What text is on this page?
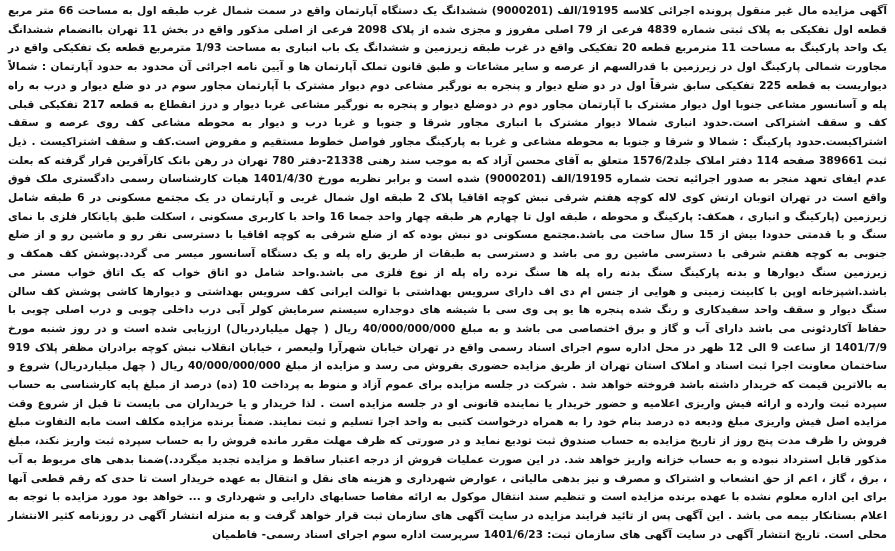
آگهی مزایده مال غیر منقول پرونده اجرائی کلاسه 19195/الف (9000201) ششدانگ یک دستگاه آپارتمان واقع در سمت شمال غرب طبقه اول به مساحت 66 متر مربع قطعه اول تفکیکی به پلاک ثبتی شماره 4839 فرعی از 79 اصلی مفروز و مجزی شده از پلاک 2098 فرعی از اصلی مذکور واقع در بخش 11 تهران باانضمام ششدانگ یک واحد پارکینگ به مساحت 11 مترمربع قطعه 20 تفکیکی واقع در غرب طبقه زیرزمین و ششدانگ یک باب انباری به مساحت 1/93 مترمربع قطعه یک تفکیکی واقع در مجاورت شمالی پارکینگ اول در زیرزمین با قدرالسهم از عرصه و سایر مشاعات و طبق قانون تملک آپارتمان ها و آیین نامه اجرائی آن محدود به حدود آپارتمان : شمالاً دیواریست به قطعه 225 تفکیکی سابق شرقاً اول در دو ضلع دیوار و پنجره به نورگیر مشاعی دوم دیوار مشترک با آپارتمان مجاور سوم در دو ضلع دیوار و درب به راه پله و آسانسور مشاعی جنوبا اول دیوار مشترک با آپارتمان مجاور دوم در دوضلع دیوار و پنجره به نورگیر مشاعی غربا دیوار و درز انقطاع به قطعه 217 تفکیکی قبلی کف و سقف اشتراکی است.حدود انباری شمالا دیوار مشترک با انباری مجاور شرقا و جنوبا و غربا درب و دیوار به محوطه مشاعی کف روی عرصه و سقف اشتراکیست.حدود پارکینگ : شمالا و شرقا و جنوبا به محوطه مشاعی و غربا به پارکینگ مجاور فواصل خطوط مستقیم و مفروض است.کف و سقف اشتراکیست . ذیل ثبت 389661 صفحه 114 دفتر املاک جلد1576/2 متعلق به آقای محسن آزاد که به موجب سند رهنی 21338-دفتر 780 تهران در رهن بانک کارآفرین قرار گرفته که بعلت عدم ایفای تعهد منجر به صدور اجرائیه تحت شماره 19195/الف (9000201) شده است و برابر نظریه مورخ 1401/4/30 هیات کارشناسان رسمی دادگستری ملک فوق واقع است در تهران اتوبان ارتش کوی لاله کوچه هفتم شرقی نبش کوچه اقاقیا پلاک 2 طبقه اول شمال غربی و آپارتمان در یک مجتمع مسکونی در 6 طبقه شامل زیرزمین (پارکینگ و انباری ، همکف: پارکینگ و محوطه ، طبقه اول تا چهارم هر طبقه چهار واحد جمعا 16 واحد با کاربری مسکونی ، اسکلت طبق پایانکار فلزی با نمای سنگ و با قدمتی حدودا بیش از 15 سال ساخت می باشد.مجتمع مسکونی دو نبش بوده که از ضلع شرقی به کوچه اقاقیا با دسترسی نفر رو و ماشین رو و از ضلع جنوبی به کوچه هفتم شرقی با دسترسی ماشین رو می باشد و دسترسی به طبقات از طریق راه پله و یک دستگاه آسانسور میسر می گردد.پوشش کف همکف و زیرزمین سنگ دیوارها و بدنه پارکینگ سنگ بدنه راه پله ها سنگ نرده راه پله از نوع فلزی می باشد.واحد شامل دو اتاق خواب که یک اتاق خواب مستر می باشد.اشپزخانه اوپن با کابینت زمینی و هوایی از جنس ام دی اف دارای سرویس بهداشتی با توالت ایرانی کف سرویس بهداشتی و دیوارها کاشی پوشش کف سالن سنگ دیوار و سقف واحد سفیدکاری و رنگ شده پنجره ها یو پی وی سی با شیشه های دوجداره سیستم سرمایش کولر آبی درب داخلی چوبی و درب اصلی چوبی با حفاظ آکاردئونی می باشد دارای آب و گاز و برق اختصاصی می باشد و به مبلغ 40/000/000/000 ریال ( چهل میلیاردریال) ارزیابی شده است و در روز شنبه مورخ 1401/7/9 از ساعت 9 الی 12 ظهر در محل اداره سوم اجرای اسناد رسمی واقع در تهران خیابان شهرآرا ولیعصر ، خیابان انقلاب نبش کوچه برادران مظفر پلاک 919 ساختمان معاونت اجرا ثبت اسناد و املاک استان تهران از طریق مزایده حضوری بفروش می رسد و مزایده از مبلغ 40/000/000/000 ریال ( چهل میلیاردریال) شروع و به بالاترین قیمت که خریدار داشته باشد فروخته خواهد شد . شرکت در جلسه مزایده برای عموم آزاد و منوط به پرداخت 10 (ده) درصد از مبلغ پایه کارشناسی به حساب سپرده ثبت وارده و ارائه فیش واریزی اعلامیه و حضور خریدار یا نماینده قانونی او در جلسه مزایده است . لذا خریدار و یا خریداران می بایست تا قبل از شروع وقت مزایده اصل فیش واریزی مبلغ ودیعه ده درصد بنام خود را به همراه درخواست کتبی به واحد اجرا تسلیم و ثبت نمایند. ضمناً برنده مزایده مکلف است مابه التفاوت مبلغ فروش را ظرف مدت پنج روز از تاریخ مزایده به حساب صندوق ثبت تودیع نماید و در صورتی که ظرف مهلت مقرر مانده فروش را به حساب سپرده ثبت واریز نکند، مبلغ مذکور قابل استرداد نبوده و به حساب خزانه واریز خواهد شد. در این صورت عملیات فروش از درجه اعتبار ساقط و مزایده تجدید میگردد.)ضمنا بدهی های مربوط به آب ، برق ، گاز ، اعم از حق انشعاب و اشتراک و مصرف و نیز بدهی مالیاتی ، عوارض شهرداری و هزینه های نقل و انتقال به عهده خریدار است تا حدی که رقم قطعی آنها برای این اداره معلوم نشده با عهده برنده مزایده است و تنظیم سند انتقال موکول به ارائه مفاصا حسابهای دارایی و شهرداری و ... خواهد بود مورد مزایده با توجه به اعلام بستانکار بیمه می باشد . این آگهی پس از تائید فرایند مزایده در سایت آگهی های سازمان ثبت قرار خواهد گرفت و به منزله انتشار آگهی در روزنامه کثیر الانتشار محلی است. تاریخ انتشار آگهی در سایت آگهی های سازمان ثبت: 1401/6/23 سرپرست اداره سوم اجرای اسناد رسمی- فاطمیان
